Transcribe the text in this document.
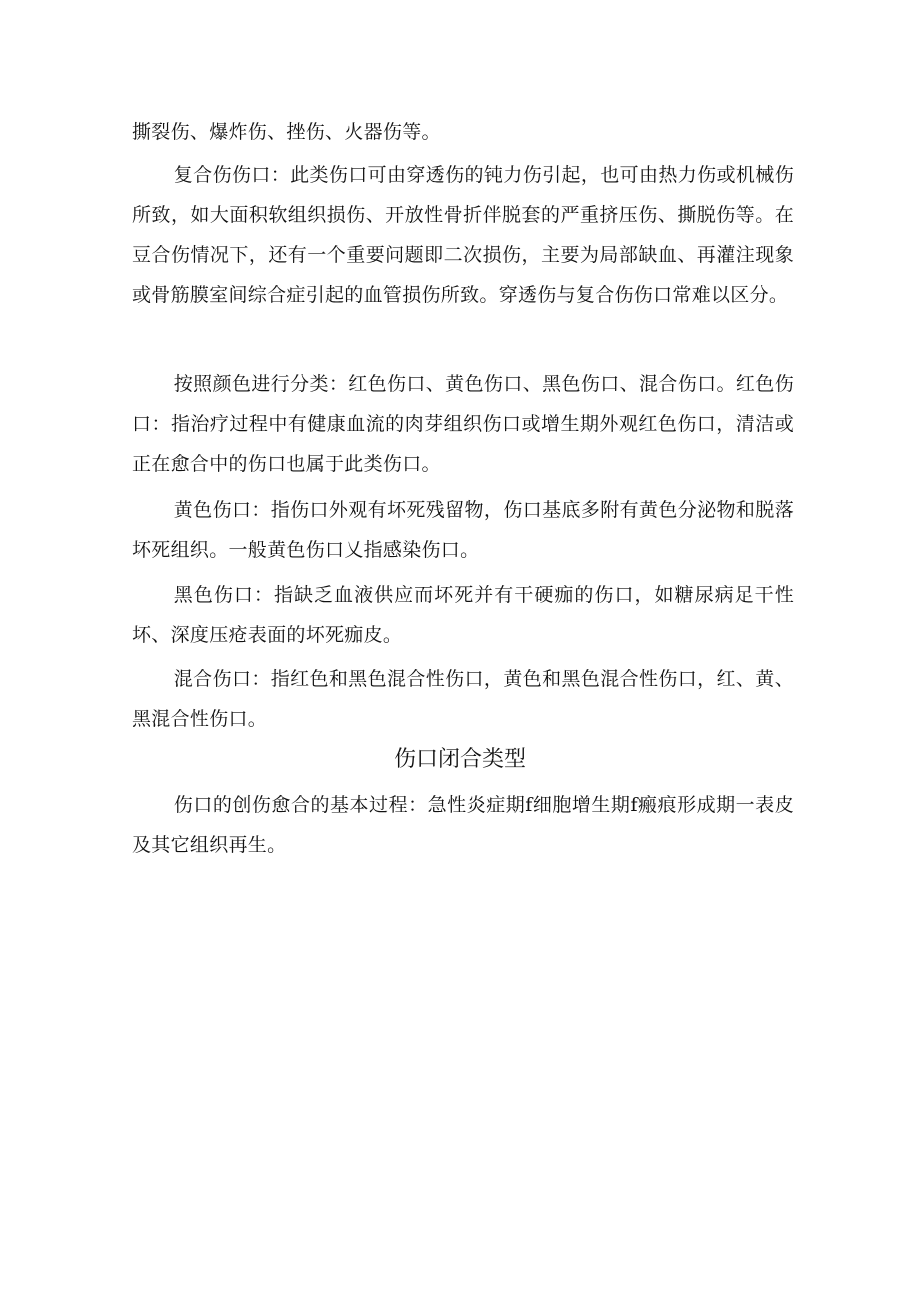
撕裂伤、爆炸伤、挫伤、火器伤等。

复合伤伤口：此类伤口可由穿透伤的钝力伤引起，也可由热力伤或机械伤所致，如大面积软组织损伤、开放性骨折伴脱套的严重挤压伤、撕脱伤等。在豆合伤情况下，还有一个重要问题即二次损伤，主要为局部缺血、再灌注现象或骨筋膜室间综合症引起的血管损伤所致。穿透伤与复合伤伤口常难以区分。

按照颜色进行分类：红色伤口、黄色伤口、黑色伤口、混合伤口。红色伤口：指治疗过程中有健康血流的肉芽组织伤口或增生期外观红色伤口，清洁或正在愈合中的伤口也属于此类伤口。

黄色伤口：指伤口外观有坏死残留物，伤口基底多附有黄色分泌物和脱落坏死组织。一般黄色伤口乂指感染伤口。

黑色伤口：指缺乏血液供应而坏死并有干硬痂的伤口，如糖尿病足干性坏、深度压疮表面的坏死痂皮。

混合伤口：指红色和黑色混合性伤口，黄色和黑色混合性伤口，红、黄、黑混合性伤口。

伤口闭合类型

伤口的创伤愈合的基本过程：急性炎症期f细胞增生期f瘢痕形成期一表皮及其它组织再生。
